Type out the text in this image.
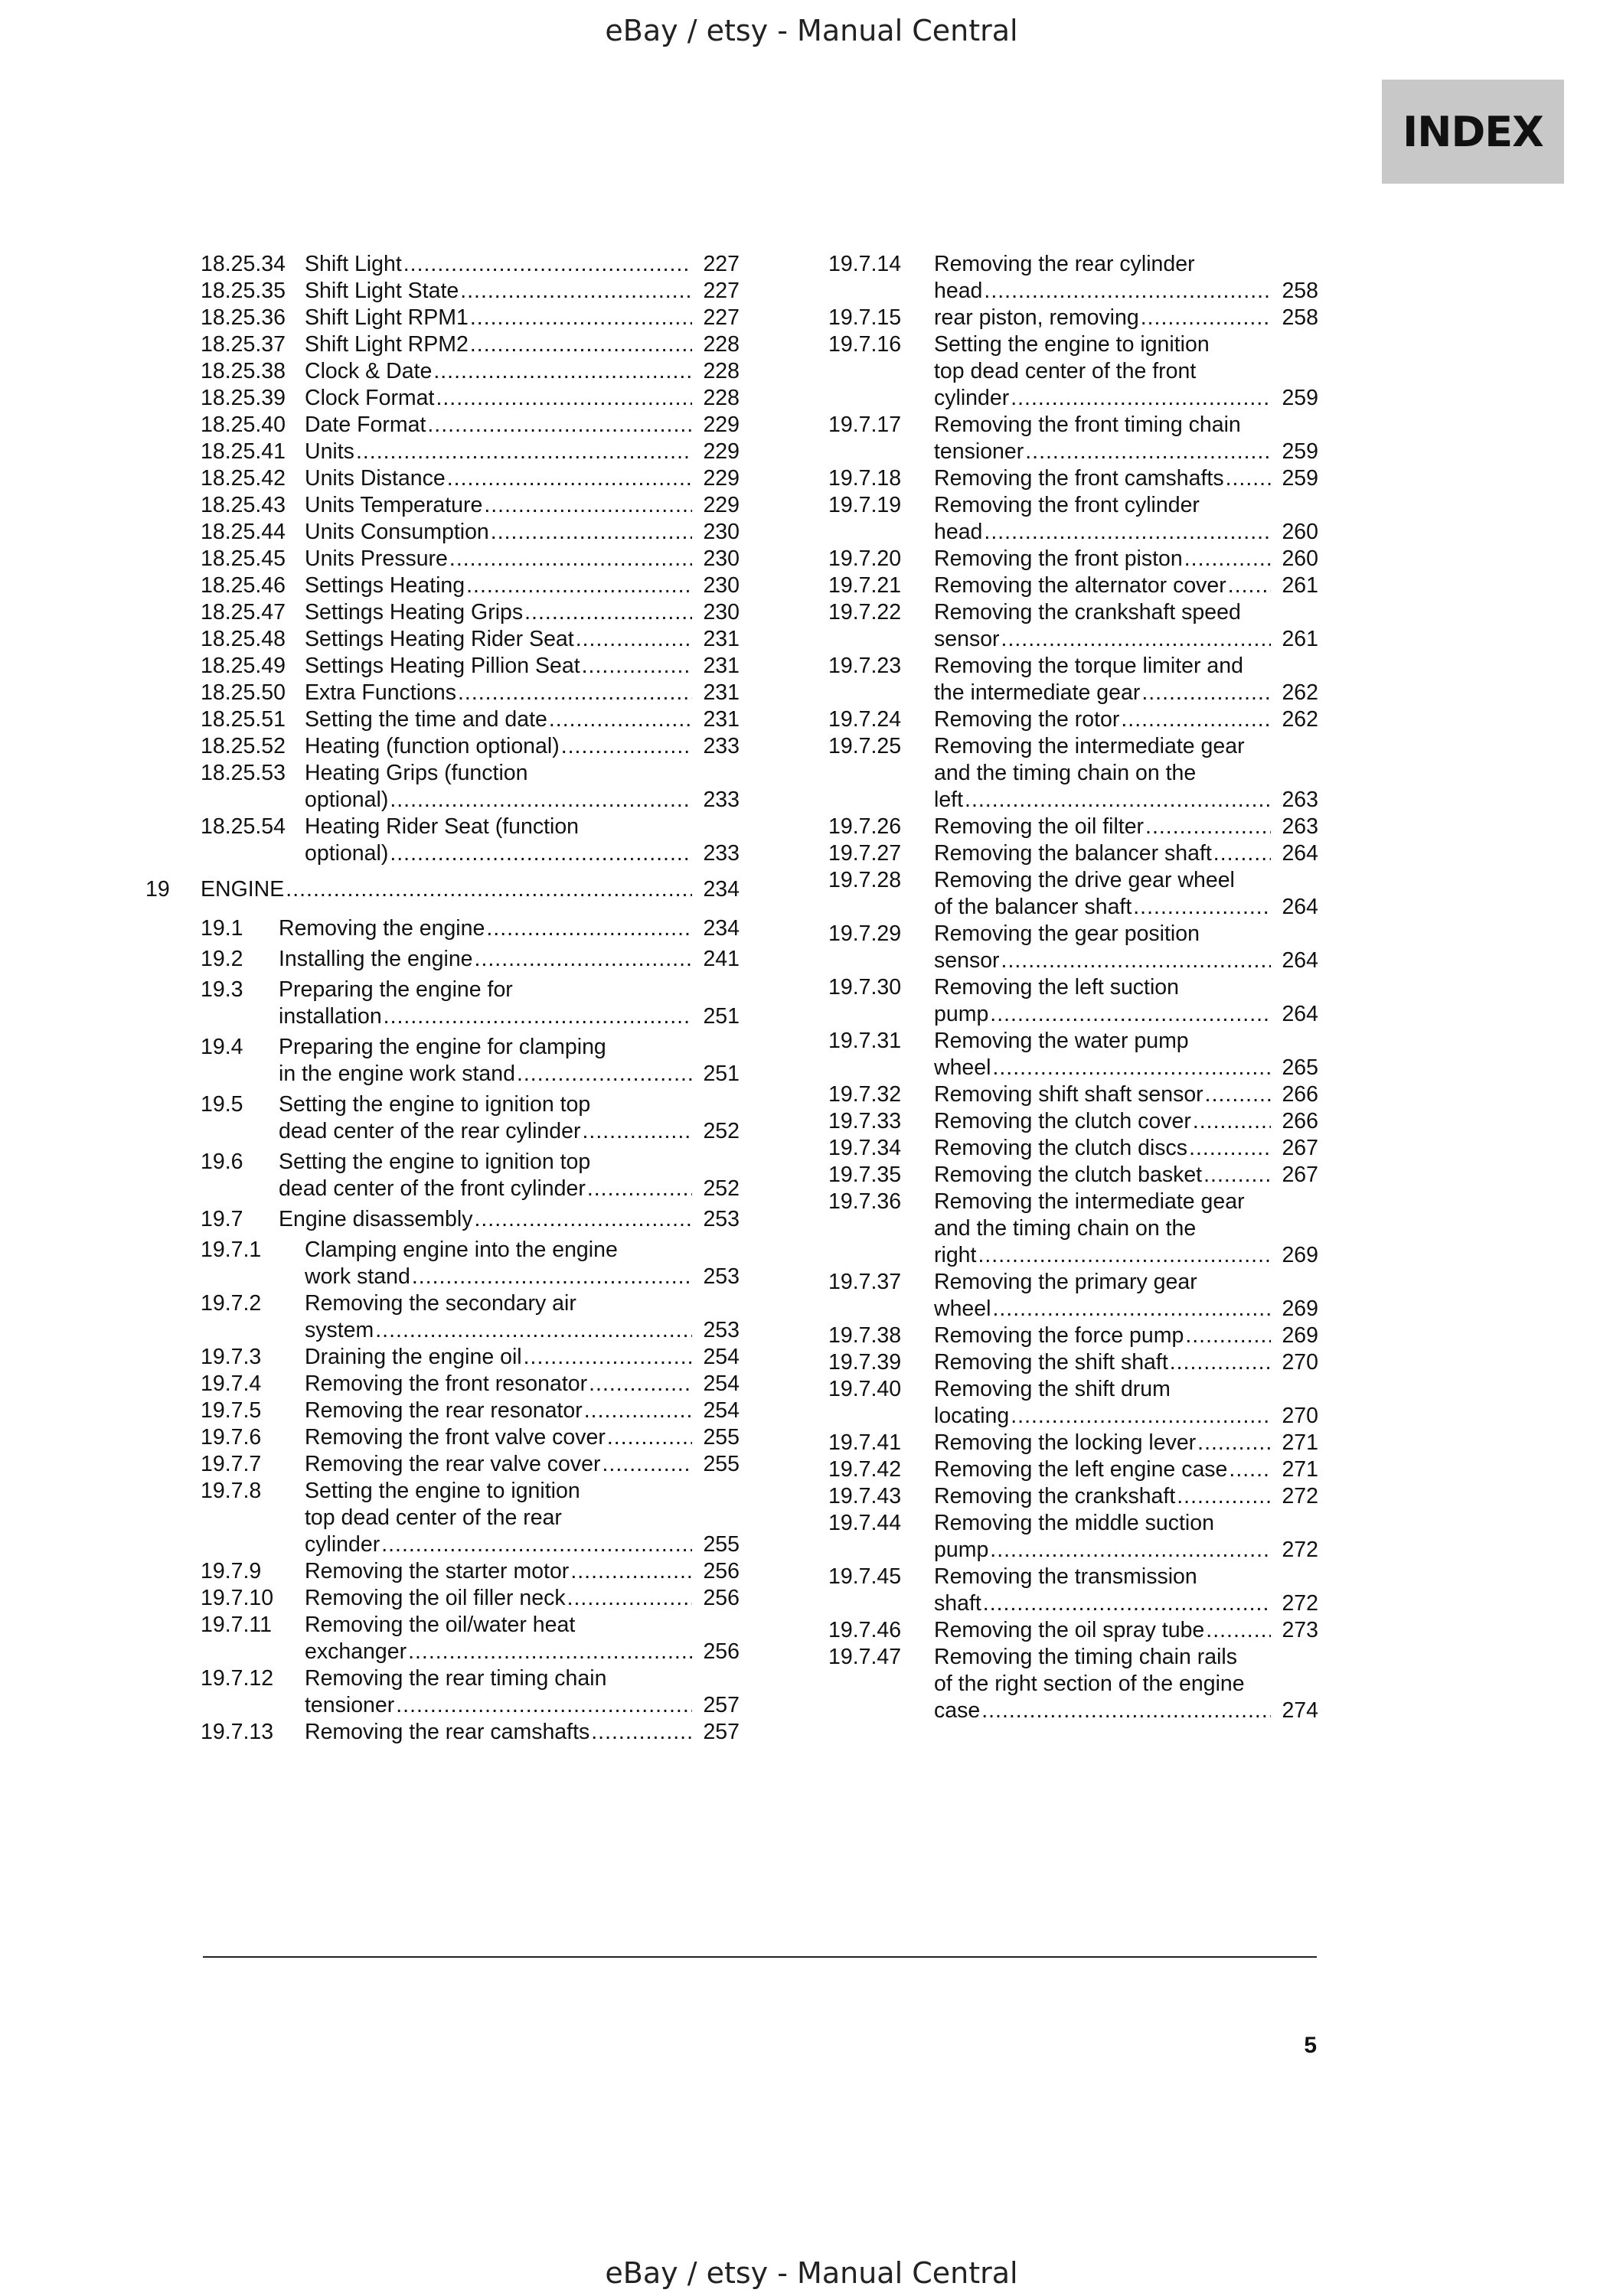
eBay / etsy - Manual Central
INDEX
18.25.34 Shift Light .....	227
18.25.35 Shift Light State .....	227
18.25.36 Shift Light RPM1 .....	227
18.25.37 Shift Light RPM2 .....	228
18.25.38 Clock & Date .....	228
18.25.39 Clock Format .....	228
18.25.40 Date Format .....	229
18.25.41 Units .....	229
18.25.42 Units Distance .....	229
18.25.43 Units Temperature .....	229
18.25.44 Units Consumption .....	230
18.25.45 Units Pressure .....	230
18.25.46 Settings Heating .....	230
18.25.47 Settings Heating Grips .....	230
18.25.48 Settings Heating Rider Seat .....	231
18.25.49 Settings Heating Pillion Seat .....	231
18.25.50 Extra Functions .....	231
18.25.51 Setting the time and date .....	231
18.25.52 Heating (function optional) .....	233
18.25.53 Heating Grips (function
optional) .....	233
18.25.54 Heating Rider Seat (function
optional) .....	233
19	ENGINE .....	234
19.1	Removing the engine .....	234
19.2	Installing the engine .....	241
19.3	Preparing the engine for
installation .....	251
19.4	Preparing the engine for clamping
in the engine work stand .....	251
19.5	Setting the engine to ignition top
dead center of the rear cylinder .....	252
19.6	Setting the engine to ignition top
dead center of the front cylinder .....	252
19.7	Engine disassembly .....	253
19.7.1	Clamping engine into the engine
work stand .....	253
19.7.2	Removing the secondary air
system .....	253
19.7.3	Draining the engine oil .....	254
19.7.4	Removing the front resonator .....	254
19.7.5	Removing the rear resonator .....	254
19.7.6	Removing the front valve cover .....	255
19.7.7	Removing the rear valve cover .....	255
19.7.8	Setting the engine to ignition
top dead center of the rear
cylinder .....	255
19.7.9	Removing the starter motor .....	256
19.7.10	Removing the oil filler neck .....	256
19.7.11	Removing the oil/water heat
exchanger .....	256
19.7.12	Removing the rear timing chain
tensioner .....	257
19.7.13	Removing the rear camshafts .....	257
19.7.14	Removing the rear cylinder
head .....	258
19.7.15	rear piston, removing .....	258
19.7.16	Setting the engine to ignition
top dead center of the front
cylinder .....	259
19.7.17	Removing the front timing chain
tensioner .....	259
19.7.18	Removing the front camshafts .....	259
19.7.19	Removing the front cylinder
head .....	260
19.7.20	Removing the front piston .....	260
19.7.21	Removing the alternator cover .....	261
19.7.22	Removing the crankshaft speed
sensor .....	261
19.7.23	Removing the torque limiter and
the intermediate gear .....	262
19.7.24	Removing the rotor .....	262
19.7.25	Removing the intermediate gear
and the timing chain on the
left .....	263
19.7.26	Removing the oil filter .....	263
19.7.27	Removing the balancer shaft .....	264
19.7.28	Removing the drive gear wheel
of the balancer shaft .....	264
19.7.29	Removing the gear position
sensor .....	264
19.7.30	Removing the left suction
pump .....	264
19.7.31	Removing the water pump
wheel .....	265
19.7.32	Removing shift shaft sensor .....	266
19.7.33	Removing the clutch cover .....	266
19.7.34	Removing the clutch discs .....	267
19.7.35	Removing the clutch basket .....	267
19.7.36	Removing the intermediate gear
and the timing chain on the
right .....	269
19.7.37	Removing the primary gear
wheel .....	269
19.7.38	Removing the force pump .....	269
19.7.39	Removing the shift shaft .....	270
19.7.40	Removing the shift drum
locating .....	270
19.7.41	Removing the locking lever .....	271
19.7.42	Removing the left engine case ..... 271
19.7.43	Removing the crankshaft .....	272
19.7.44	Removing the middle suction
pump .....	272
19.7.45	Removing the transmission
shaft .....	272
19.7.46	Removing the oil spray tube .....	273
19.7.47	Removing the timing chain rails
of the right section of the engine
case .....	274
5
eBay / etsy - Manual Central
